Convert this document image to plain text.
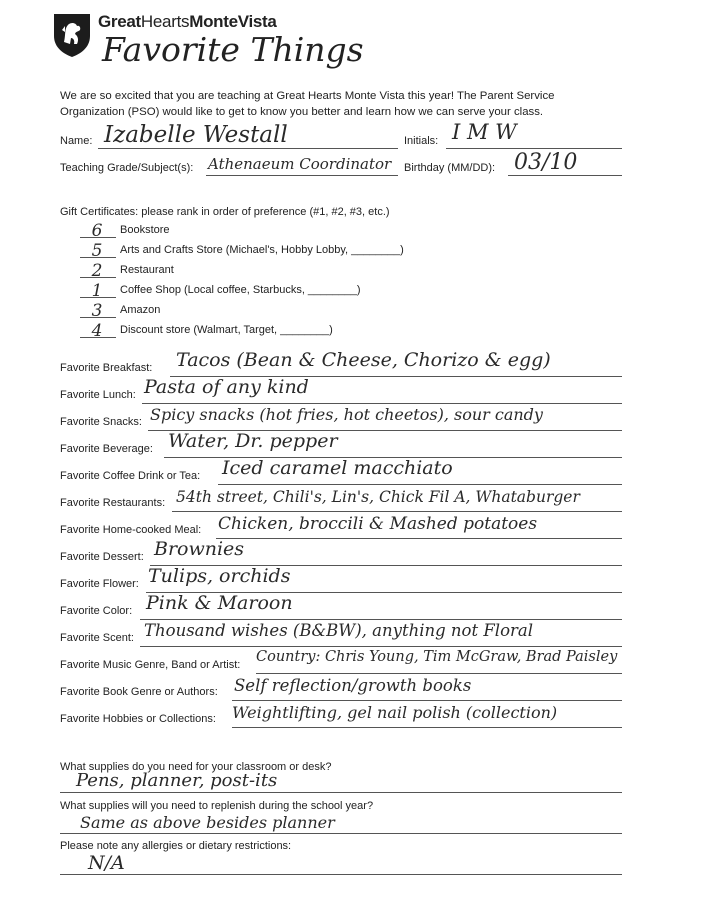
GreatHeartsMonteVista
Favorite Things
We are so excited that you are teaching at Great Hearts Monte Vista this year! The Parent Service Organization (PSO) would like to get to know you better and learn how we can serve your class.
Name: Izabelle Westall	Initials: I M W
Teaching Grade/Subject(s): Athenaeum Coordinator Birthday (MM/DD): 03/10
Gift Certificates: please rank in order of preference (#1, #2, #3, etc.)
6	Bookstore
5	Arts and Crafts Store (Michael's, Hobby Lobby, ________)
2	Restaurant
1	Coffee Shop (Local coffee, Starbucks, ________)
3	Amazon
4	Discount store (Walmart, Target, ________)
Favorite Breakfast: Tacos (Bean & Cheese, Chorizo & egg)
Favorite Lunch: Pasta of any kind
Favorite Snacks: Spicy snacks (hot fries, hot cheetos), sour candy
Favorite Beverage: Water, Dr. pepper
Favorite Coffee Drink or Tea: Iced caramel macchiato
Favorite Restaurants: 54th street, Chili's, Lin's, Chick Fil A, Whataburger
Favorite Home-cooked Meal: Chicken, broccili & Mashed potatoes
Favorite Dessert: Brownies
Favorite Flower: Tulips, orchids
Favorite Color: Pink & Maroon
Favorite Scent: Thousand wishes (B&BW), anything not Floral
Favorite Music Genre, Band or Artist: Country: Chris Young, Tim McGraw, Brad Paisley
Favorite Book Genre or Authors: Self reflection/growth books
Favorite Hobbies or Collections: Weightlifting, gel nail polish (collection)
What supplies do you need for your classroom or desk?
Pens, planner, post-its
What supplies will you need to replenish during the school year?
Same as above besides planner
Please note any allergies or dietary restrictions:
N/A
